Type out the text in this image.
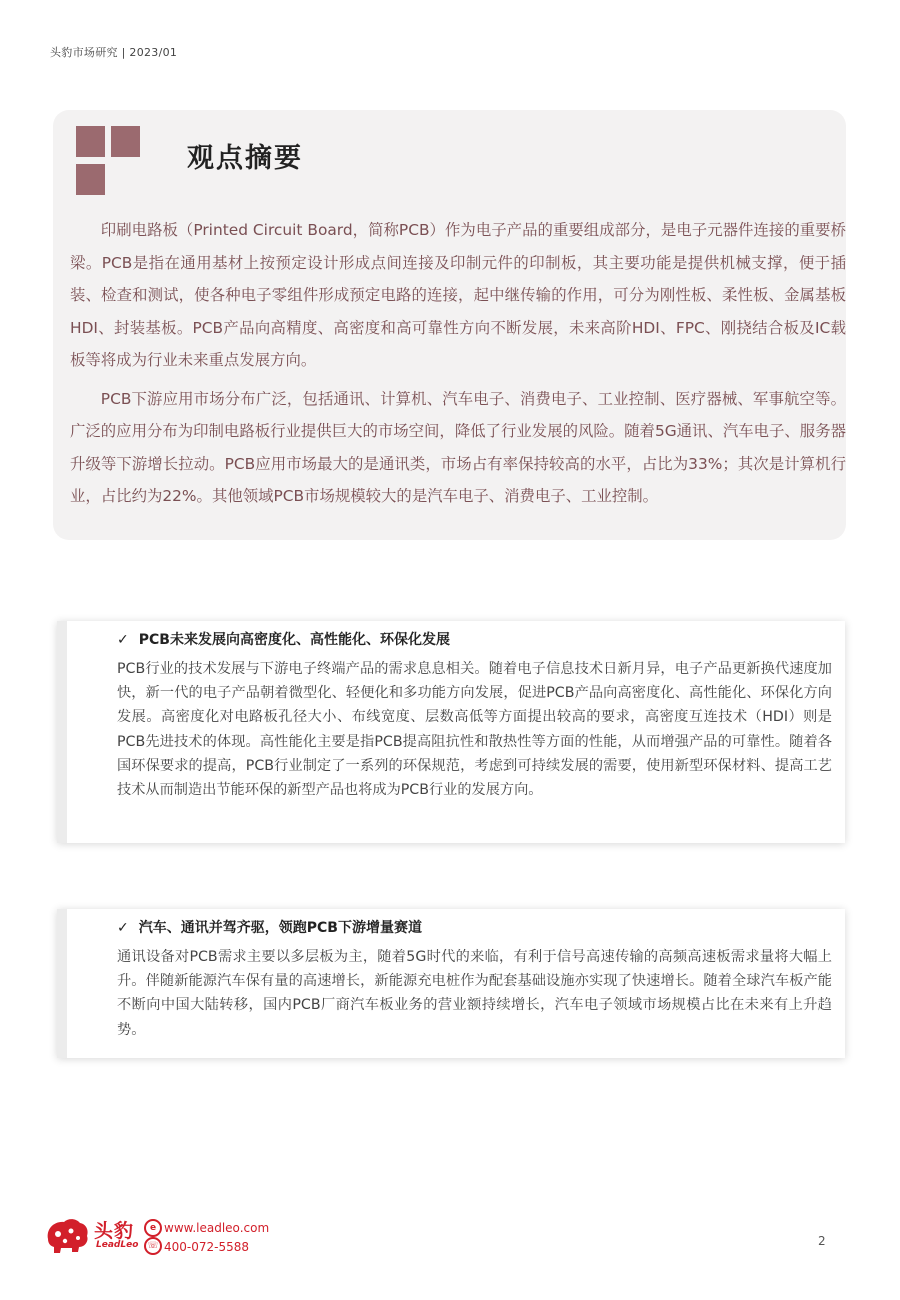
头豹市场研究 | 2023/01
观点摘要

印刷电路板（Printed Circuit Board，简称PCB）作为电子产品的重要组成部分，是电子元器件连接的重要桥梁。PCB是指在通用基材上按预定设计形成点间连接及印制元件的印制板，其主要功能是提供机械支撑，便于插装、检查和测试，使各种电子零组件形成预定电路的连接，起中继传输的作用，可分为刚性板、柔性板、金属基板HDI、封装基板。PCB产品向高精度、高密度和高可靠性方向不断发展，未来高阶HDI、FPC、刚挠结合板及IC载板等将成为行业未来重点发展方向。

PCB下游应用市场分布广泛，包括通讯、计算机、汽车电子、消费电子、工业控制、医疗器械、军事航空等。广泛的应用分布为印制电路板行业提供巨大的市场空间，降低了行业发展的风险。随着5G通讯、汽车电子、服务器升级等下游增长拉动。PCB应用市场最大的是通讯类，市场占有率保持较高的水平，占比为33%；其次是计算机行业，占比约为22%。其他领域PCB市场规模较大的是汽车电子、消费电子、工业控制。

✓ PCB未来发展向高密度化、高性能化、环保化发展

PCB行业的技术发展与下游电子终端产品的需求息息相关。随着电子信息技术日新月异，电子产品更新换代速度加快，新一代的电子产品朝着微型化、轻便化和多功能方向发展，促进PCB产品向高密度化、高性能化、环保化方向发展。高密度化对电路板孔径大小、布线宽度、层数高低等方面提出较高的要求，高密度互连技术（HDI）则是PCB先进技术的体现。高性能化主要是指PCB提高阻抗性和散热性等方面的性能，从而增强产品的可靠性。随着各国环保要求的提高，PCB行业制定了一系列的环保规范，考虑到可持续发展的需要，使用新型环保材料、提高工艺技术从而制造出节能环保的新型产品也将成为PCB行业的发展方向。

✓ 汽车、通讯并驾齐驱，领跑PCB下游增量赛道

通讯设备对PCB需求主要以多层板为主，随着5G时代的来临，有利于信号高速传输的高频高速板需求量将大幅上升。伴随新能源汽车保有量的高速增长，新能源充电桩作为配套基础设施亦实现了快速增长。随着全球汽车板产能不断向中国大陆转移，国内PCB厂商汽车板业务的营业额持续增长，汽车电子领域市场规模占比在未来有上升趋势。

头豹
LeadLeo
e www.leadleo.com
☏ 400-072-5588	2
